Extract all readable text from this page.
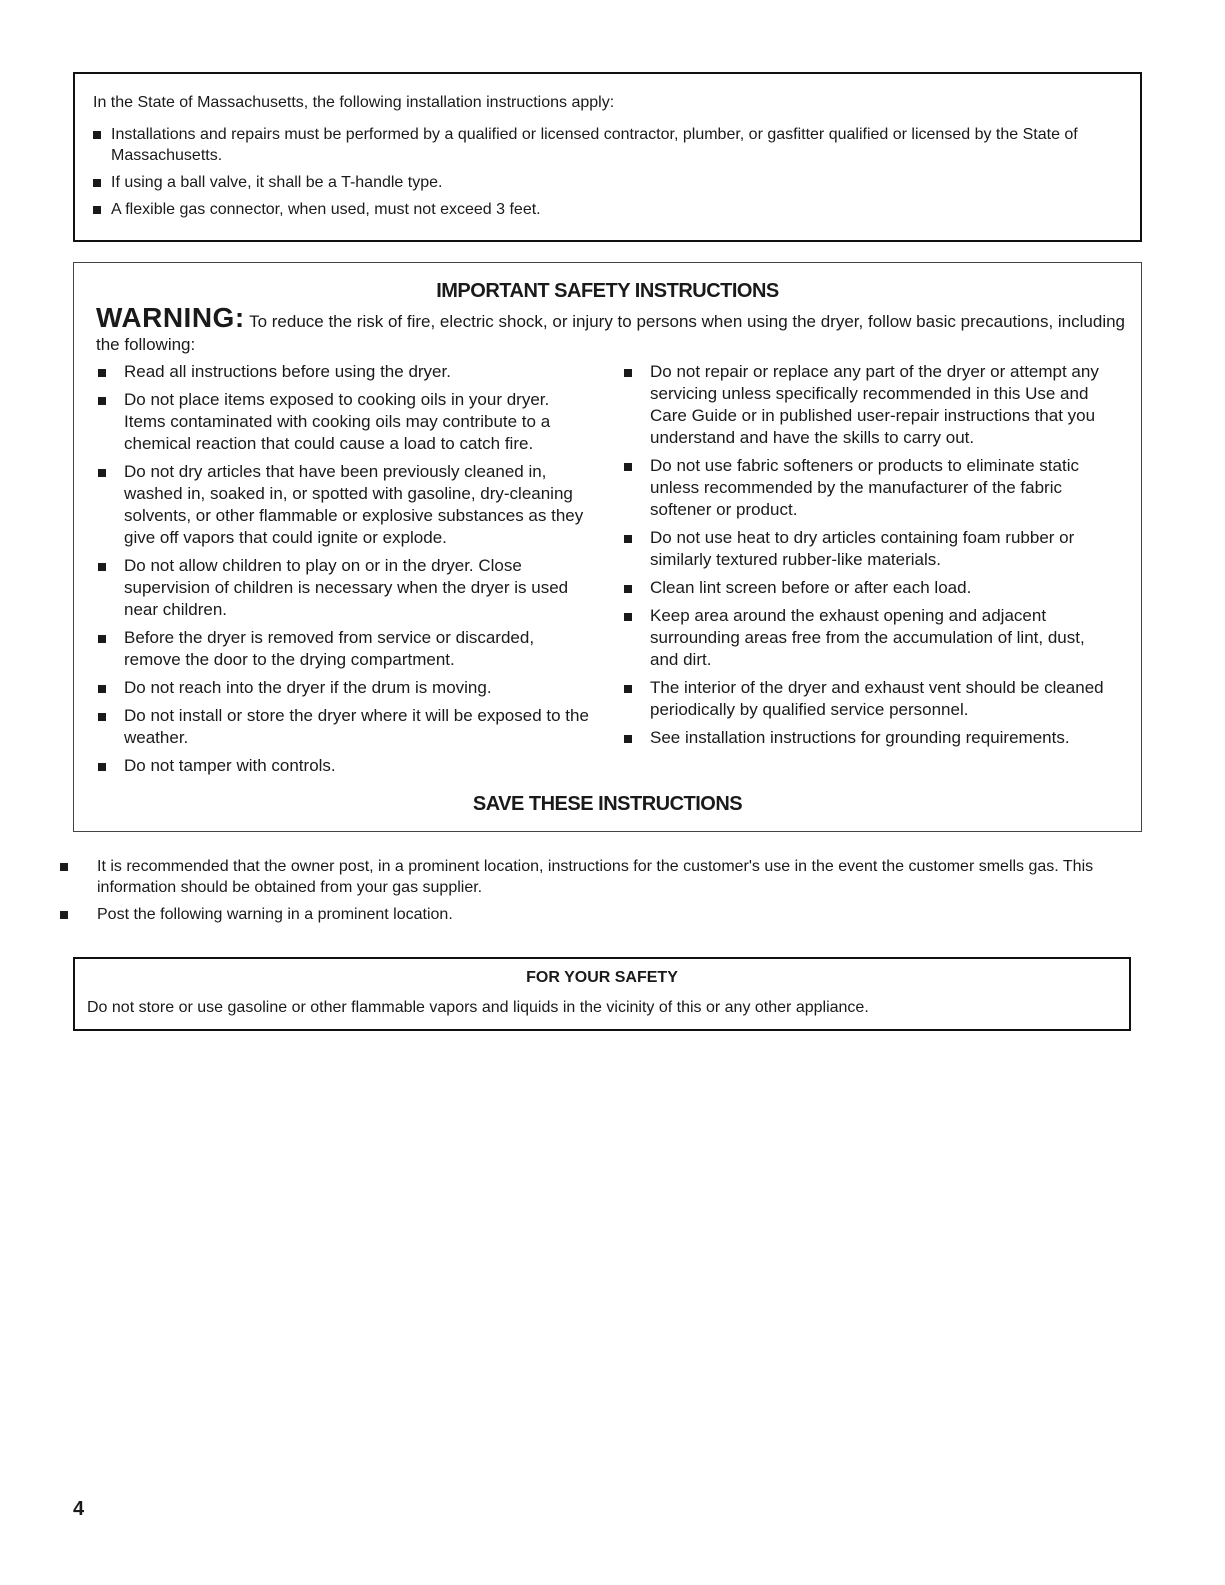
In the State of Massachusetts, the following installation instructions apply:
Installations and repairs must be performed by a qualified or licensed contractor, plumber, or gasfitter qualified or licensed by the State of Massachusetts.
If using a ball valve, it shall be a T-handle type.
A flexible gas connector, when used, must not exceed 3 feet.
IMPORTANT SAFETY INSTRUCTIONS
WARNING: To reduce the risk of fire, electric shock, or injury to persons when using the dryer, follow basic precautions, including the following:
Read all instructions before using the dryer.
Do not place items exposed to cooking oils in your dryer. Items contaminated with cooking oils may contribute to a chemical reaction that could cause a load to catch fire.
Do not dry articles that have been previously cleaned in, washed in, soaked in, or spotted with gasoline, dry-cleaning solvents, or other flammable or explosive substances as they give off vapors that could ignite or explode.
Do not allow children to play on or in the dryer. Close supervision of children is necessary when the dryer is used near children.
Before the dryer is removed from service or discarded, remove the door to the drying compartment.
Do not reach into the dryer if the drum is moving.
Do not install or store the dryer where it will be exposed to the weather.
Do not tamper with controls.
Do not repair or replace any part of the dryer or attempt any servicing unless specifically recommended in this Use and Care Guide or in published user-repair instructions that you understand and have the skills to carry out.
Do not use fabric softeners or products to eliminate static unless recommended by the manufacturer of the fabric softener or product.
Do not use heat to dry articles containing foam rubber or similarly textured rubber-like materials.
Clean lint screen before or after each load.
Keep area around the exhaust opening and adjacent surrounding areas free from the accumulation of lint, dust, and dirt.
The interior of the dryer and exhaust vent should be cleaned periodically by qualified service personnel.
See installation instructions for grounding requirements.
SAVE THESE INSTRUCTIONS
It is recommended that the owner post, in a prominent location, instructions for the customer's use in the event the customer smells gas. This information should be obtained from your gas supplier.
Post the following warning in a prominent location.
FOR YOUR SAFETY
Do not store or use gasoline or other flammable vapors and liquids in the vicinity of this or any other appliance.
4
